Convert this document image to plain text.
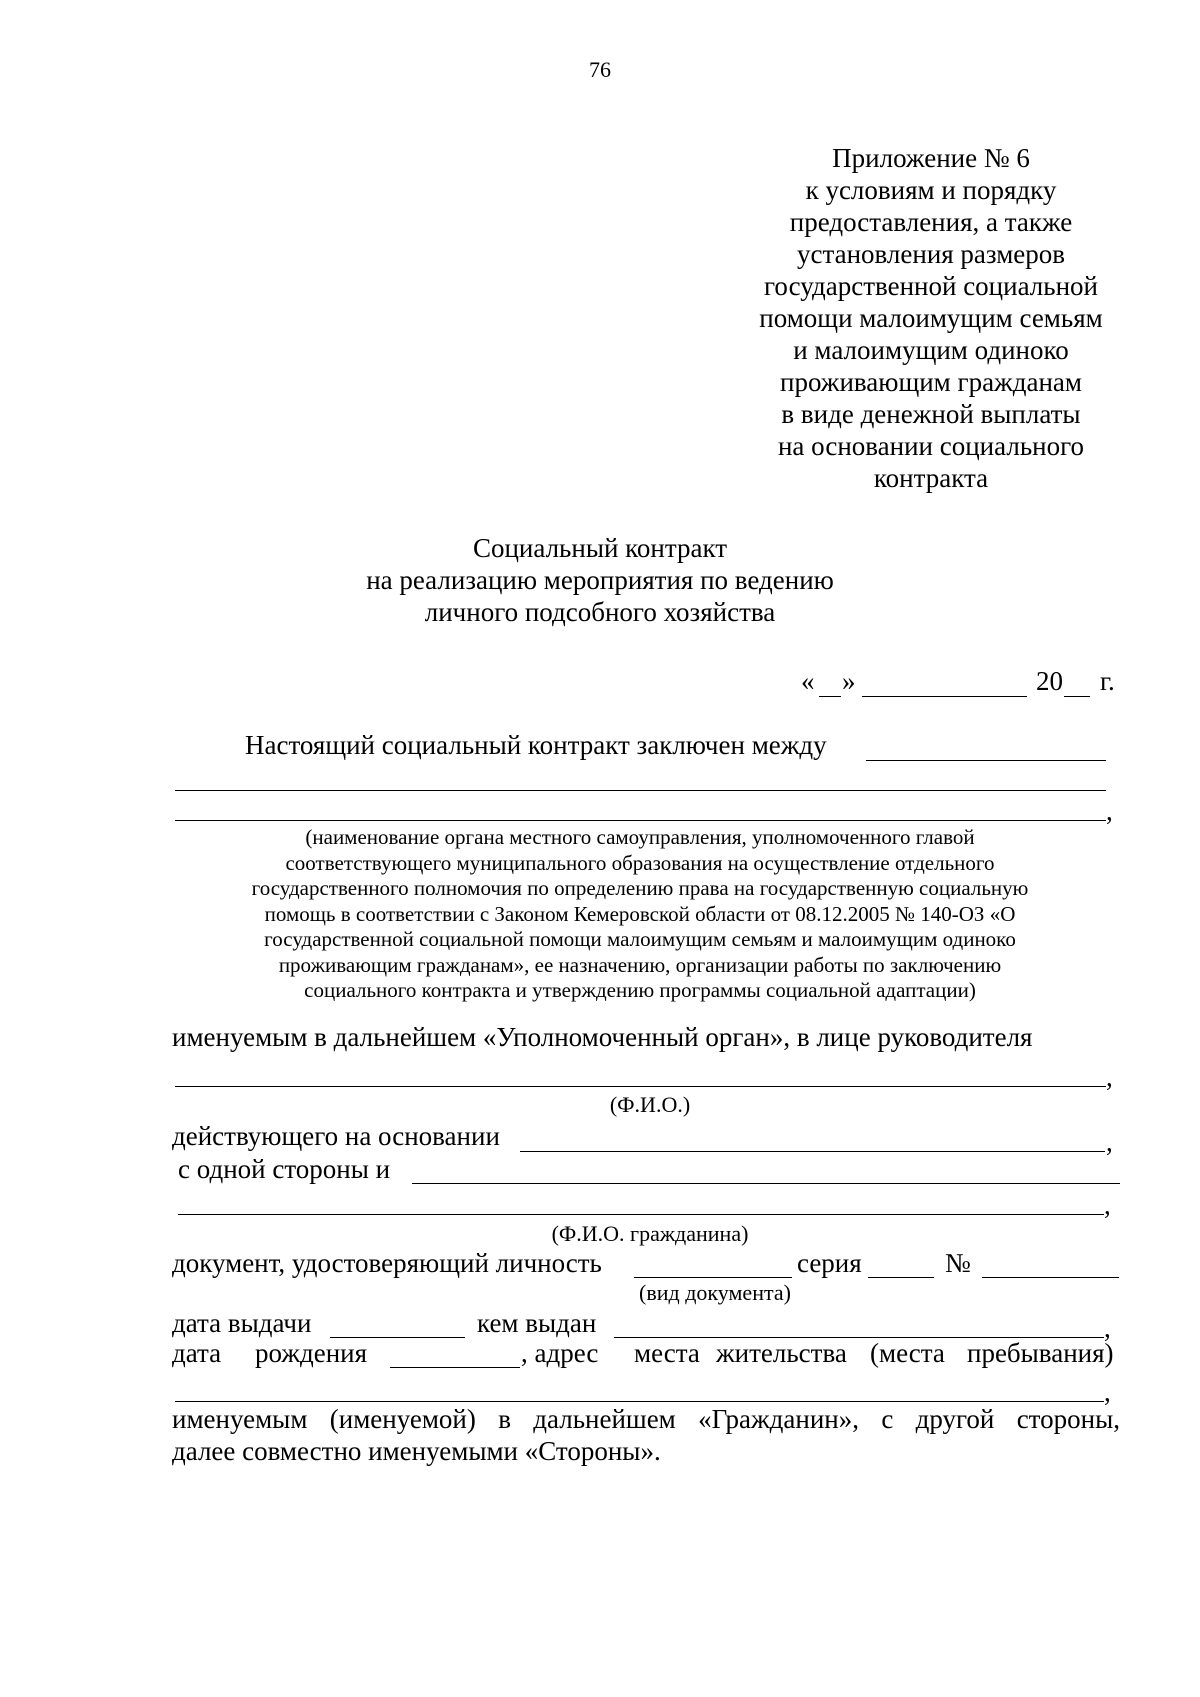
76
Приложение № 6
к условиям и порядку
предоставления, а также
установления размеров
государственной социальной
помощи малоимущим семьям
и малоимущим одиноко
проживающим гражданам
в виде денежной выплаты
на основании социального
контракта
Социальный контракт
на реализацию мероприятия по ведению
личного подсобного хозяйства
« »	20 г.
Настоящий социальный контракт заключен между
,
(наименование органа местного самоуправления, уполномоченного главой
соответствующего муниципального образования на осуществление отдельного
государственного полномочия по определению права на государственную социальную
помощь в соответствии с Законом Кемеровской области от 08.12.2005 № 140-ОЗ «О
государственной социальной помощи малоимущим семьям и малоимущим одиноко
проживающим гражданам», ее назначению, организации работы по заключению
социального контракта и утверждению программы социальной адаптации)
именуемым в дальнейшем «Уполномоченный орган», в лице руководителя
,
(Ф.И.О.)
действующего на основании	,
с одной стороны и
,
(Ф.И.О. гражданина)
документ, удостоверяющий личность	серия	№
(вид документа)
дата выдачи	кем выдан	,
дата рождения	, адрес места жительства (места пребывания)
,
именуемым (именуемой) в дальнейшем «Гражданин», с другой стороны,
далее совместно именуемыми «Стороны».
